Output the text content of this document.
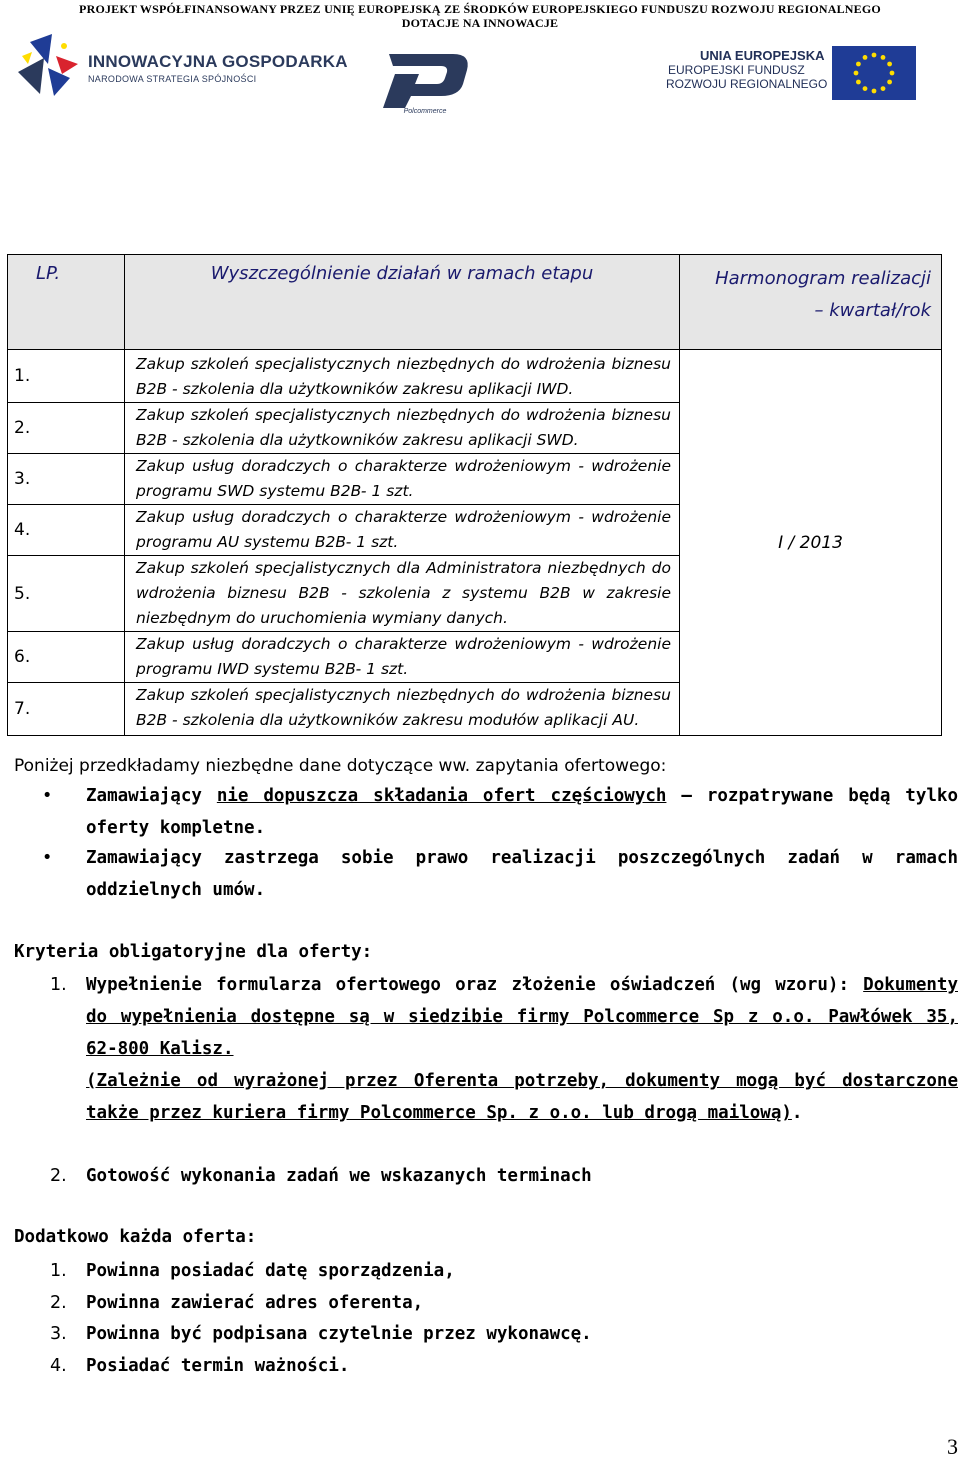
PROJEKT WSPÓŁFINANSOWANY PRZEZ UNIĘ EUROPEJSKĄ ZE ŚRODKÓW EUROPEJSKIEGO FUNDUSZU ROZWOJU REGIONALNEGO
DOTACJE NA INNOWACJE
INNOWACYJNA GOSPODARKA
NARODOWA STRATEGIA SPÓJNOŚCI
Polcommerce
UNIA EUROPEJSKA
EUROPEJSKI FUNDUSZ
ROZWOJU REGIONALNEGO
LP.	Wyszczególnienie działań w ramach etapu	Harmonogram realizacji
– kwartał/rok
1.	Zakup szkoleń specjalistycznych niezbędnych do wdrożenia biznesu B2B - szkolenia dla użytkowników zakresu aplikacji IWD.	I / 2013
2.	Zakup szkoleń specjalistycznych niezbędnych do wdrożenia biznesu B2B - szkolenia dla użytkowników zakresu aplikacji SWD.	
3.	Zakup usług doradczych o charakterze wdrożeniowym - wdrożenie programu SWD systemu B2B- 1 szt.	
4.	Zakup usług doradczych o charakterze wdrożeniowym - wdrożenie programu AU systemu B2B- 1 szt.	
5.	Zakup szkoleń specjalistycznych dla Administratora niezbędnych do wdrożenia biznesu B2B - szkolenia z systemu B2B w zakresie niezbędnym do uruchomienia wymiany danych.	
6.	Zakup usług doradczych o charakterze wdrożeniowym - wdrożenie programu IWD systemu B2B- 1 szt.	
7.	Zakup szkoleń specjalistycznych niezbędnych do wdrożenia biznesu B2B - szkolenia dla użytkowników zakresu modułów aplikacji AU.	
Poniżej przedkładamy niezbędne dane dotyczące ww. zapytania ofertowego:
• Zamawiający nie dopuszcza składania ofert częściowych – rozpatrywane będą tylko oferty kompletne.
• Zamawiający zastrzega sobie prawo realizacji poszczególnych zadań w ramach oddzielnych umów.
Kryteria obligatoryjne dla oferty:
1. Wypełnienie formularza ofertowego oraz złożenie oświadczeń (wg wzoru): Dokumenty do wypełnienia dostępne są w siedzibie firmy Polcommerce Sp z o.o. Pawłówek 35, 62-800 Kalisz.
(Zależnie od wyrażonej przez Oferenta potrzeby, dokumenty mogą być dostarczone także przez kuriera firmy Polcommerce Sp. z o.o. lub drogą mailową).
2. Gotowość wykonania zadań we wskazanych terminach
Dodatkowo każda oferta:
1. Powinna posiadać datę sporządzenia,
2. Powinna zawierać adres oferenta,
3. Powinna być podpisana czytelnie przez wykonawcę.
4. Posiadać termin ważności.
3
